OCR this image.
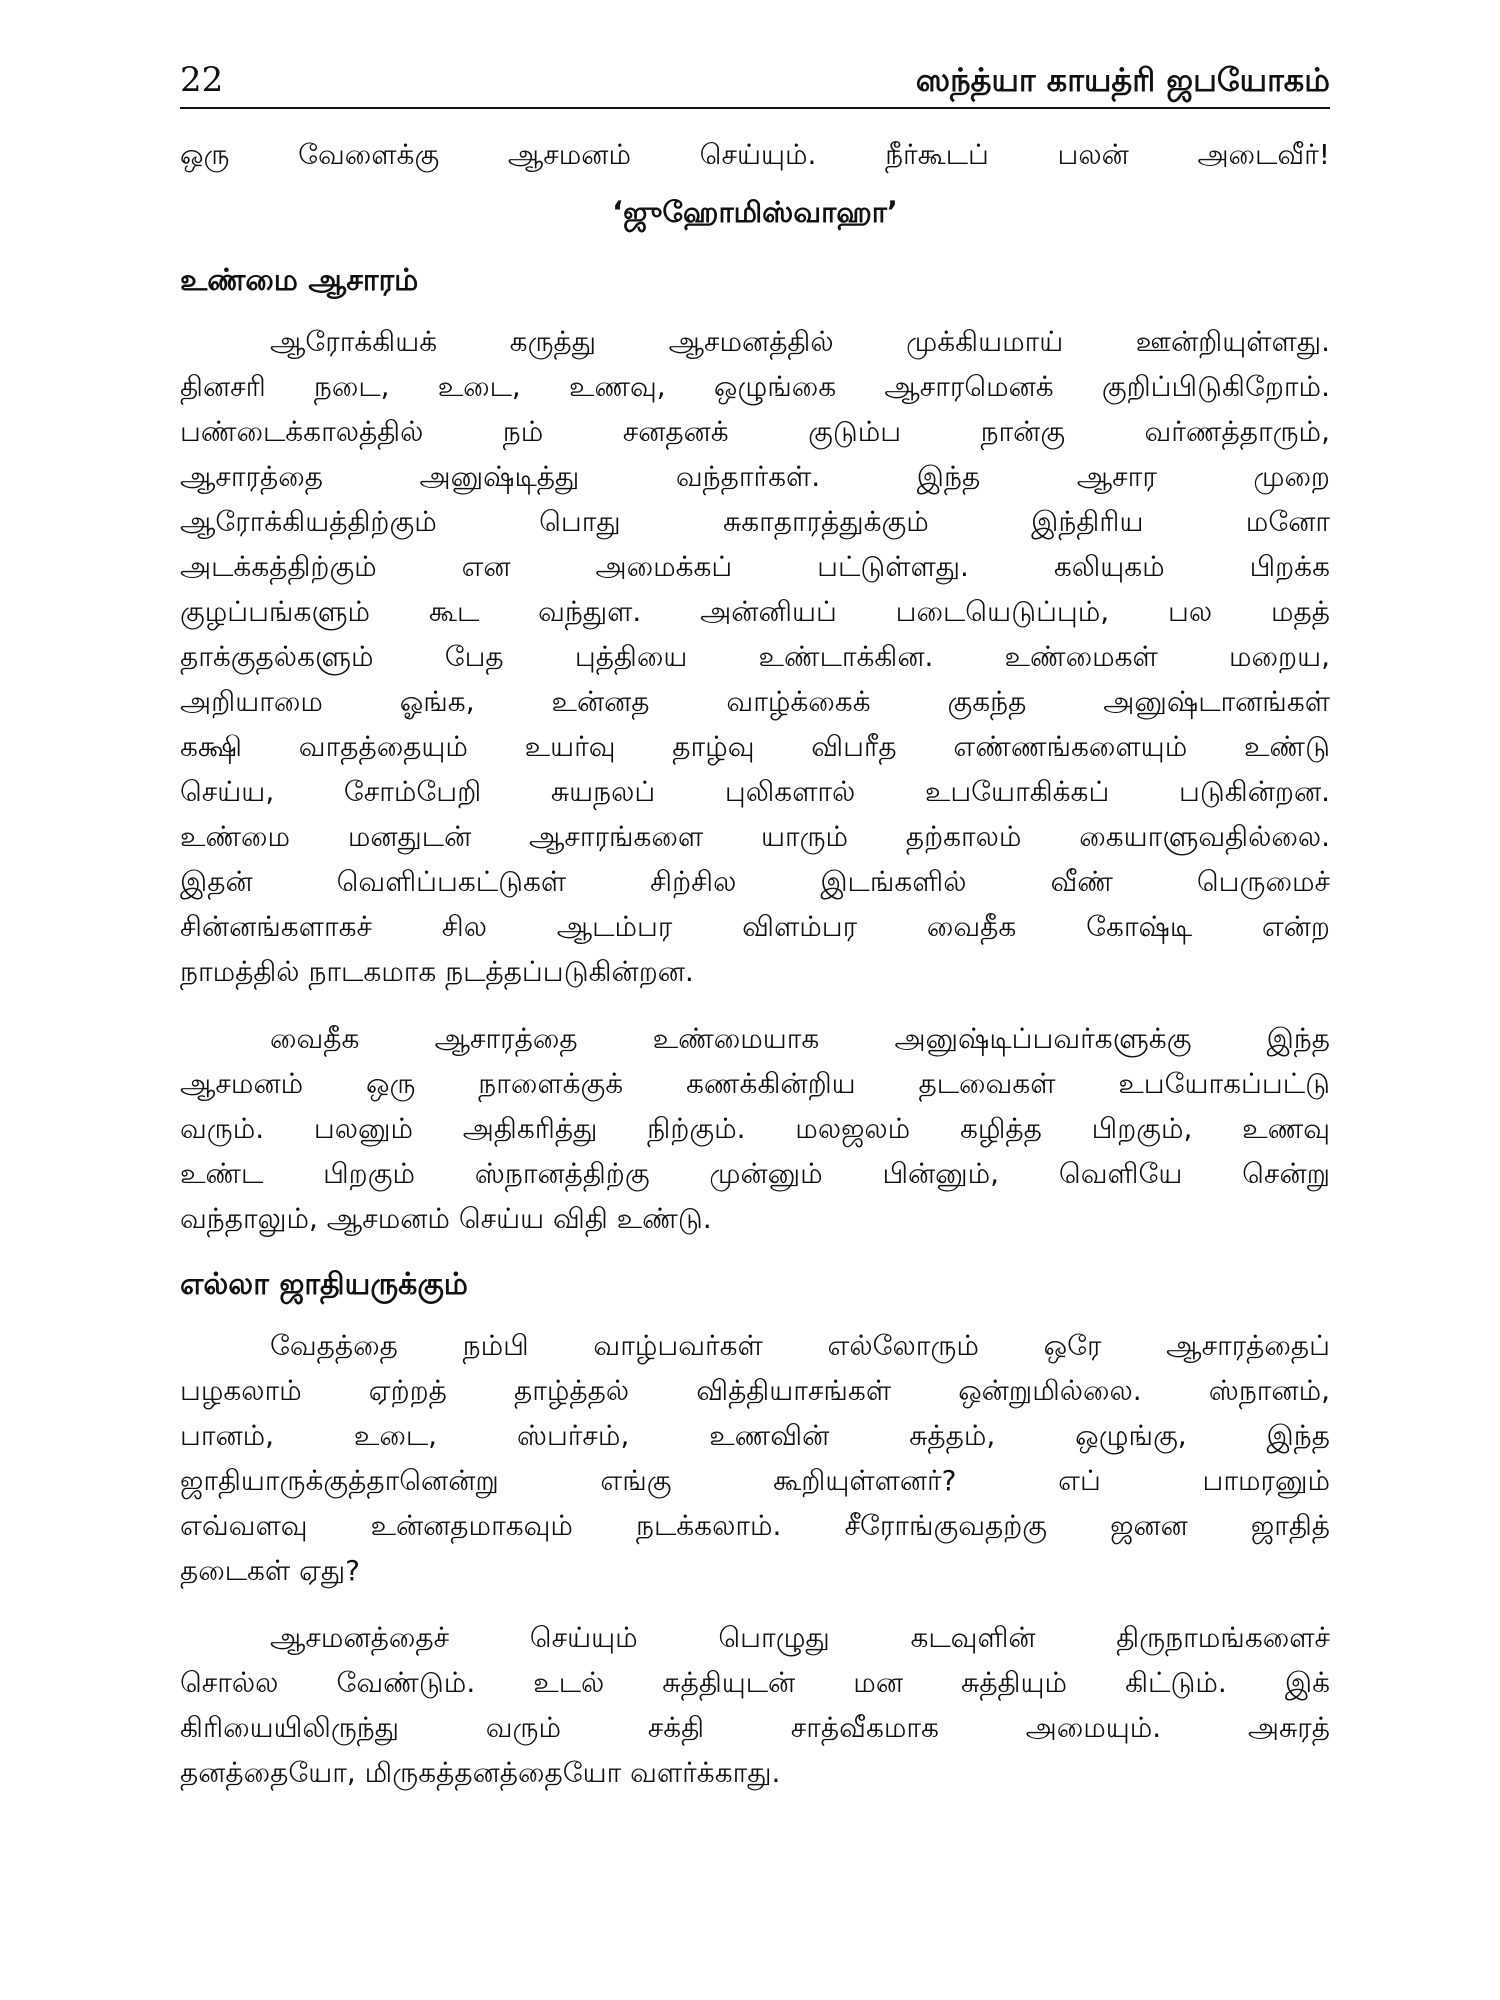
22	ஸந்த்யா காயத்ரி ஜபயோகம்
ஒரு வேளைக்கு ஆசமனம் செய்யும். நீர்கூடப் பலன் அடைவீர்!
‘ஜுஹோமிஸ்வாஹா’
உண்மை ஆசாரம்
ஆரோக்கியக் கருத்து ஆசமனத்தில் முக்கியமாய் ஊன்றியுள்ளது.
தினசரி நடை, உடை, உணவு, ஒழுங்கை ஆசாரமெனக் குறிப்பிடுகிறோம்.
பண்டைக்காலத்தில் நம் சனதனக் குடும்ப நான்கு வர்ணத்தாரும்,
ஆசாரத்தை அனுஷ்டித்து வந்தார்கள். இந்த ஆசார முறை
ஆரோக்கியத்திற்கும் பொது சுகாதாரத்துக்கும் இந்திரிய மனோ
அடக்கத்திற்கும் என அமைக்கப் பட்டுள்ளது. கலியுகம் பிறக்க
குழப்பங்களும் கூட வந்துள. அன்னியப் படையெடுப்பும், பல மதத்
தாக்குதல்களும் பேத புத்தியை உண்டாக்கின. உண்மைகள் மறைய,
அறியாமை ஓங்க, உன்னத வாழ்க்கைக் குகந்த அனுஷ்டானங்கள்
கக்ஷி வாதத்தையும் உயர்வு தாழ்வு விபரீத எண்ணங்களையும் உண்டு
செய்ய, சோம்பேறி சுயநலப் புலிகளால் உபயோகிக்கப் படுகின்றன.
உண்மை மனதுடன் ஆசாரங்களை யாரும் தற்காலம் கையாளுவதில்லை.
இதன் வெளிப்பகட்டுகள் சிற்சில இடங்களில் வீண் பெருமைச்
சின்னங்களாகச் சில ஆடம்பர விளம்பர வைதீக கோஷ்டி என்ற
நாமத்தில் நாடகமாக நடத்தப்படுகின்றன.
வைதீக ஆசாரத்தை உண்மையாக அனுஷ்டிப்பவர்களுக்கு இந்த
ஆசமனம் ஒரு நாளைக்குக் கணக்கின்றிய தடவைகள் உபயோகப்பட்டு
வரும். பலனும் அதிகரித்து நிற்கும். மலஜலம் கழித்த பிறகும், உணவு
உண்ட பிறகும் ஸ்நானத்திற்கு முன்னும் பின்னும், வெளியே சென்று
வந்தாலும், ஆசமனம் செய்ய விதி உண்டு.
எல்லா ஜாதியருக்கும்
வேதத்தை நம்பி வாழ்பவர்கள் எல்லோரும் ஒரே ஆசாரத்தைப்
பழகலாம் ஏற்றத் தாழ்த்தல் வித்தியாசங்கள் ஒன்றுமில்லை. ஸ்நானம்,
பானம், உடை, ஸ்பர்சம், உணவின் சுத்தம், ஒழுங்கு, இந்த
ஜாதியாருக்குத்தானென்று எங்கு கூறியுள்ளனர்? எப் பாமரனும்
எவ்வளவு உன்னதமாகவும் நடக்கலாம். சீரோங்குவதற்கு ஜனன ஜாதித்
தடைகள் ஏது?
ஆசமனத்தைச் செய்யும் பொழுது கடவுளின் திருநாமங்களைச்
சொல்ல வேண்டும். உடல் சுத்தியுடன் மன சுத்தியும் கிட்டும். இக்
கிரியையிலிருந்து வரும் சக்தி சாத்வீகமாக அமையும். அசுரத்
தனத்தையோ, மிருகத்தனத்தையோ வளர்க்காது.
